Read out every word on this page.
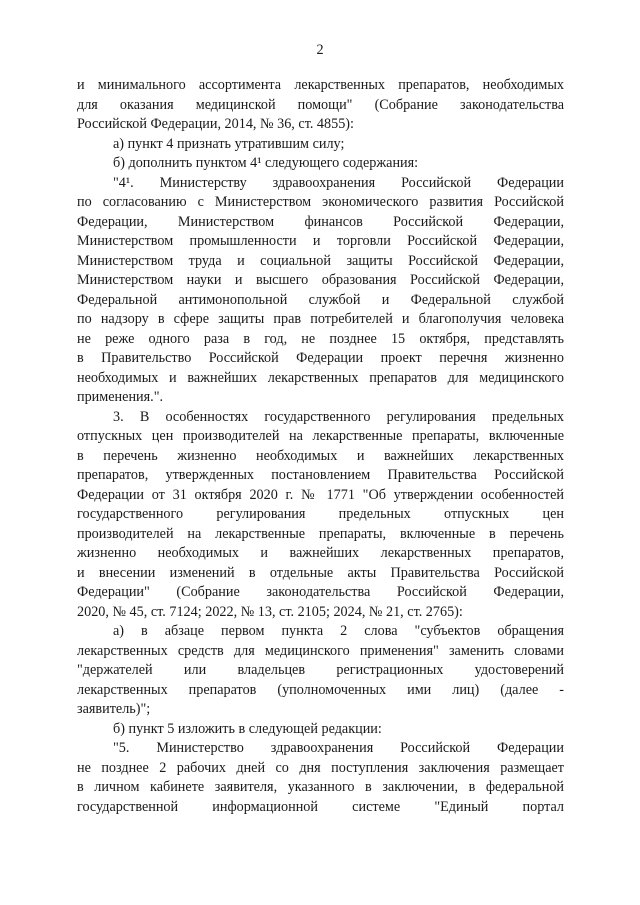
2
и минимального ассортимента лекарственных препаратов, необходимых
для оказания медицинской помощи" (Собрание законодательства
Российской Федерации, 2014, № 36, ст. 4855):
а) пункт 4 признать утратившим силу;
б) дополнить пунктом 4¹ следующего содержания:
"4¹. Министерству здравоохранения Российской Федерации
по согласованию с Министерством экономического развития Российской
Федерации, Министерством финансов Российской Федерации,
Министерством промышленности и торговли Российской Федерации,
Министерством труда и социальной защиты Российской Федерации,
Министерством науки и высшего образования Российской Федерации,
Федеральной антимонопольной службой и Федеральной службой
по надзору в сфере защиты прав потребителей и благополучия человека
не реже одного раза в год, не позднее 15 октября, представлять
в Правительство Российской Федерации проект перечня жизненно
необходимых и важнейших лекарственных препаратов для медицинского
применения.".
3. В особенностях государственного регулирования предельных
отпускных цен производителей на лекарственные препараты, включенные
в перечень жизненно необходимых и важнейших лекарственных
препаратов, утвержденных постановлением Правительства Российской
Федерации от 31 октября 2020 г. № 1771 "Об утверждении особенностей
государственного регулирования предельных отпускных цен
производителей на лекарственные препараты, включенные в перечень
жизненно необходимых и важнейших лекарственных препаратов,
и внесении изменений в отдельные акты Правительства Российской
Федерации" (Собрание законодательства Российской Федерации,
2020, № 45, ст. 7124; 2022, № 13, ст. 2105; 2024, № 21, ст. 2765):
а) в абзаце первом пункта 2 слова "субъектов обращения
лекарственных средств для медицинского применения" заменить словами
"держателей или владельцев регистрационных удостоверений
лекарственных препаратов (уполномоченных ими лиц) (далее -
заявитель)";
б) пункт 5 изложить в следующей редакции:
"5. Министерство здравоохранения Российской Федерации
не позднее 2 рабочих дней со дня поступления заключения размещает
в личном кабинете заявителя, указанного в заключении, в федеральной
государственной информационной системе "Единый портал
